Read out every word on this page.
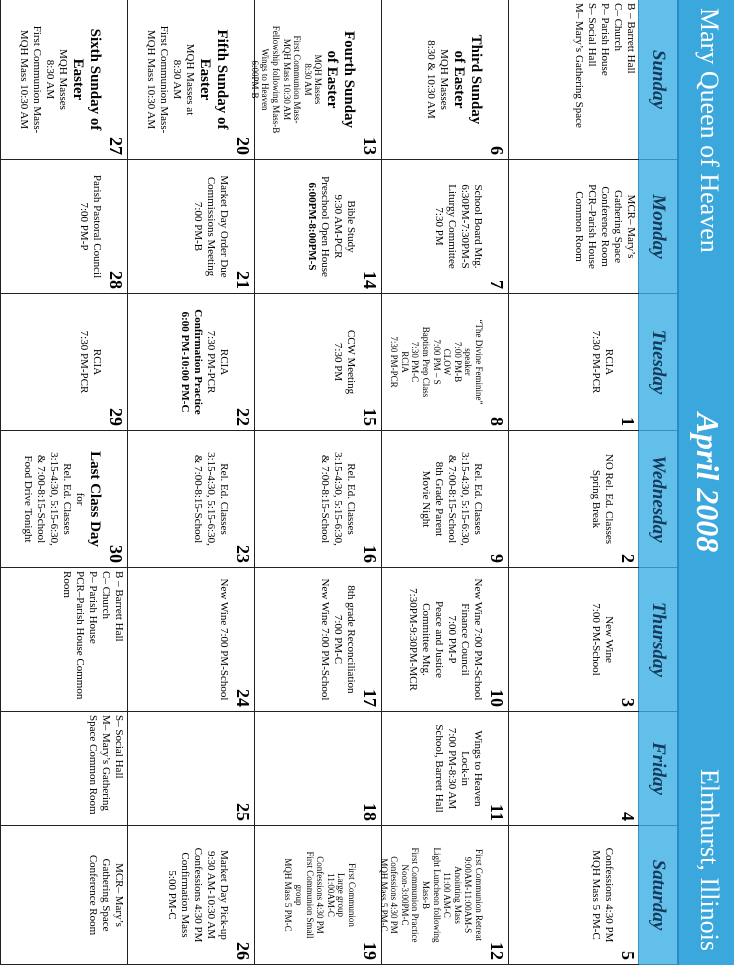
Mary Queen of Heaven
April 2008
Elmhurst, Illinois
Sunday
Monday
Tuesday
Wednesday
Thursday
Friday
Saturday
B – Barrett Hall
C– Church
P– Parish House
S– Social Hall
M– Mary’s Gathering Space
MCR– Mary’s
Gathering Space
Conference Room
PCR–Parish House
Common Room
1
RCIA
7:30 PM-PCR
2
NO Rel. Ed. Classes
Spring Break
3
New Wine
7:00 PM-School
4
5
Confessions 4:30 PM
MQH Mass 5 PM-C
6
Third Sunday
of Easter
MQH Masses
8:30 & 10:30 AM
7
School Board Mtg.
6:30PM-7:30PM-S
Liturgy Committee
7:30 PM
8
“The Divine Feminine”
speaker
7:00 PM-B
CLOW
7:00 PM – S
Baptism Prep Class
7:30 PM-C
RCIA
7:30 PM-PCR
9
Rel. Ed. Classes
3:15-4:30, 5:15-6:30,
& 7:00-8:15-School
8th Grade Parent
Movie Night
10
New Wine 7:00 PM-School
Finance Council
7:00 PM-P
Peace and Justice
Committee Mtg.
7:30PM-9:30PM-MCR
11
Wings to Heaven
Lock-in
7:00 PM-8:30 AM
School, Barrett Hall
12
First Communion Retreat
9:00AM-11:00AM-S
Anointing Mass
11:00 AM-C
Light Luncheon following
Mass-B
First Communion Practice
Noon-3:00PM-C
Confessions 4:30 PM
MQH Mass 5 PM-C
13
Fourth Sunday
of Easter
MQH Masses
8:30 AM
First Communion Mass-
MQH Mass 10:30 AM
Fellowship following Mass-B
Wings to Heaven
6:00PM-B
14
Bible Study
9:30 AM-PCR
Preschool Open House
6:00PM-8:00PM-S
15
CCW Meeting
7:30 PM
16
Rel. Ed. Classes
3:15-4:30, 5:15-6:30,
& 7:00-8:15-School
17
8th grade Reconciliation
7:00 PM-C
New Wine 7:00 PM-School
18
19
First Communion
Large group
11:00AM-C
Confessions 4:30 PM
First Communion Small
group
MQH Mass 5 PM-C
20
Fifth Sunday of
Easter
MQH Masses at
8:30 AM
First Communion Mass-
MQH Mass 10:30 AM
21
Market Day Order Due
Commissions Meeting
7:00 PM-B
22
RCIA
7:30 PM-PCR
Confirmation Practice
6:00 PM-10:00 PM-C
23
Rel. Ed. Classes
3:15-4:30, 5:15-6:30,
& 7:00-8:15-School
24
New Wine 7:00 PM-School
25
26
Market Day Pick-up
9:30 AM-10:30 AM
Confessions 4:30 PM
Confirmation Mass
5:00 PM-C
27
Sixth Sunday of
Easter
MQH Masses
8:30 AM
First Communion Mass-
MQH Mass 10:30 AM
28
Parish Pastoral Council
7:00 PM-P
29
RCIA
7:30 PM-PCR
30
Last Class Day
for
Rel. Ed. Classes
3:15-4:30, 5:15-6:30,
& 7:00-8:15-School
Food Drive Tonight
B – Barrett Hall
C– Church
P– Parish House
PCR–Parish House Common
Room
S– Social Hall
M– Mary’s Gathering
Space Common Room
MCR– Mary’s
Gathering Space
Conference Room
